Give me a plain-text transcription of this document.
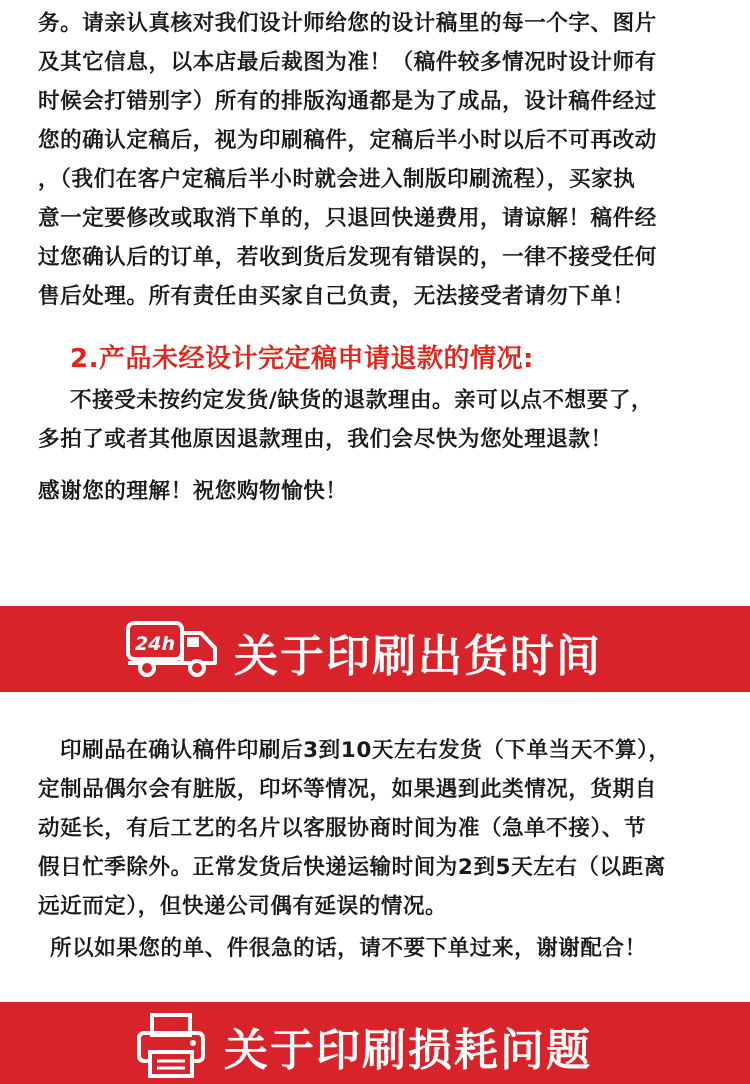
务。请亲认真核对我们设计师给您的设计稿里的每一个字、图片
及其它信息，以本店最后裁图为准！（稿件较多情况时设计师有
时候会打错别字）所有的排版沟通都是为了成品，设计稿件经过
您的确认定稿后，视为印刷稿件，定稿后半小时以后不可再改动
，（我们在客户定稿后半小时就会进入制版印刷流程），买家执
意一定要修改或取消下单的，只退回快递费用，请谅解！稿件经
过您确认后的订单，若收到货后发现有错误的，一律不接受任何
售后处理。所有责任由买家自己负责，无法接受者请勿下单！
2.产品未经设计完定稿申请退款的情况:
不接受未按约定发货/缺货的退款理由。亲可以点不想要了，
多拍了或者其他原因退款理由，我们会尽快为您处理退款！
感谢您的理解！祝您购物愉快！
24h 关于印刷出货时间
印刷品在确认稿件印刷后3到10天左右发货（下单当天不算），
定制品偶尔会有脏版，印坏等情况，如果遇到此类情况，货期自
动延长，有后工艺的名片以客服协商时间为准（急单不接）、节
假日忙季除外。正常发货后快递运输时间为2到5天左右（以距离
远近而定），但快递公司偶有延误的情况。
所以如果您的单、件很急的话，请不要下单过来，谢谢配合！
关于印刷损耗问题
